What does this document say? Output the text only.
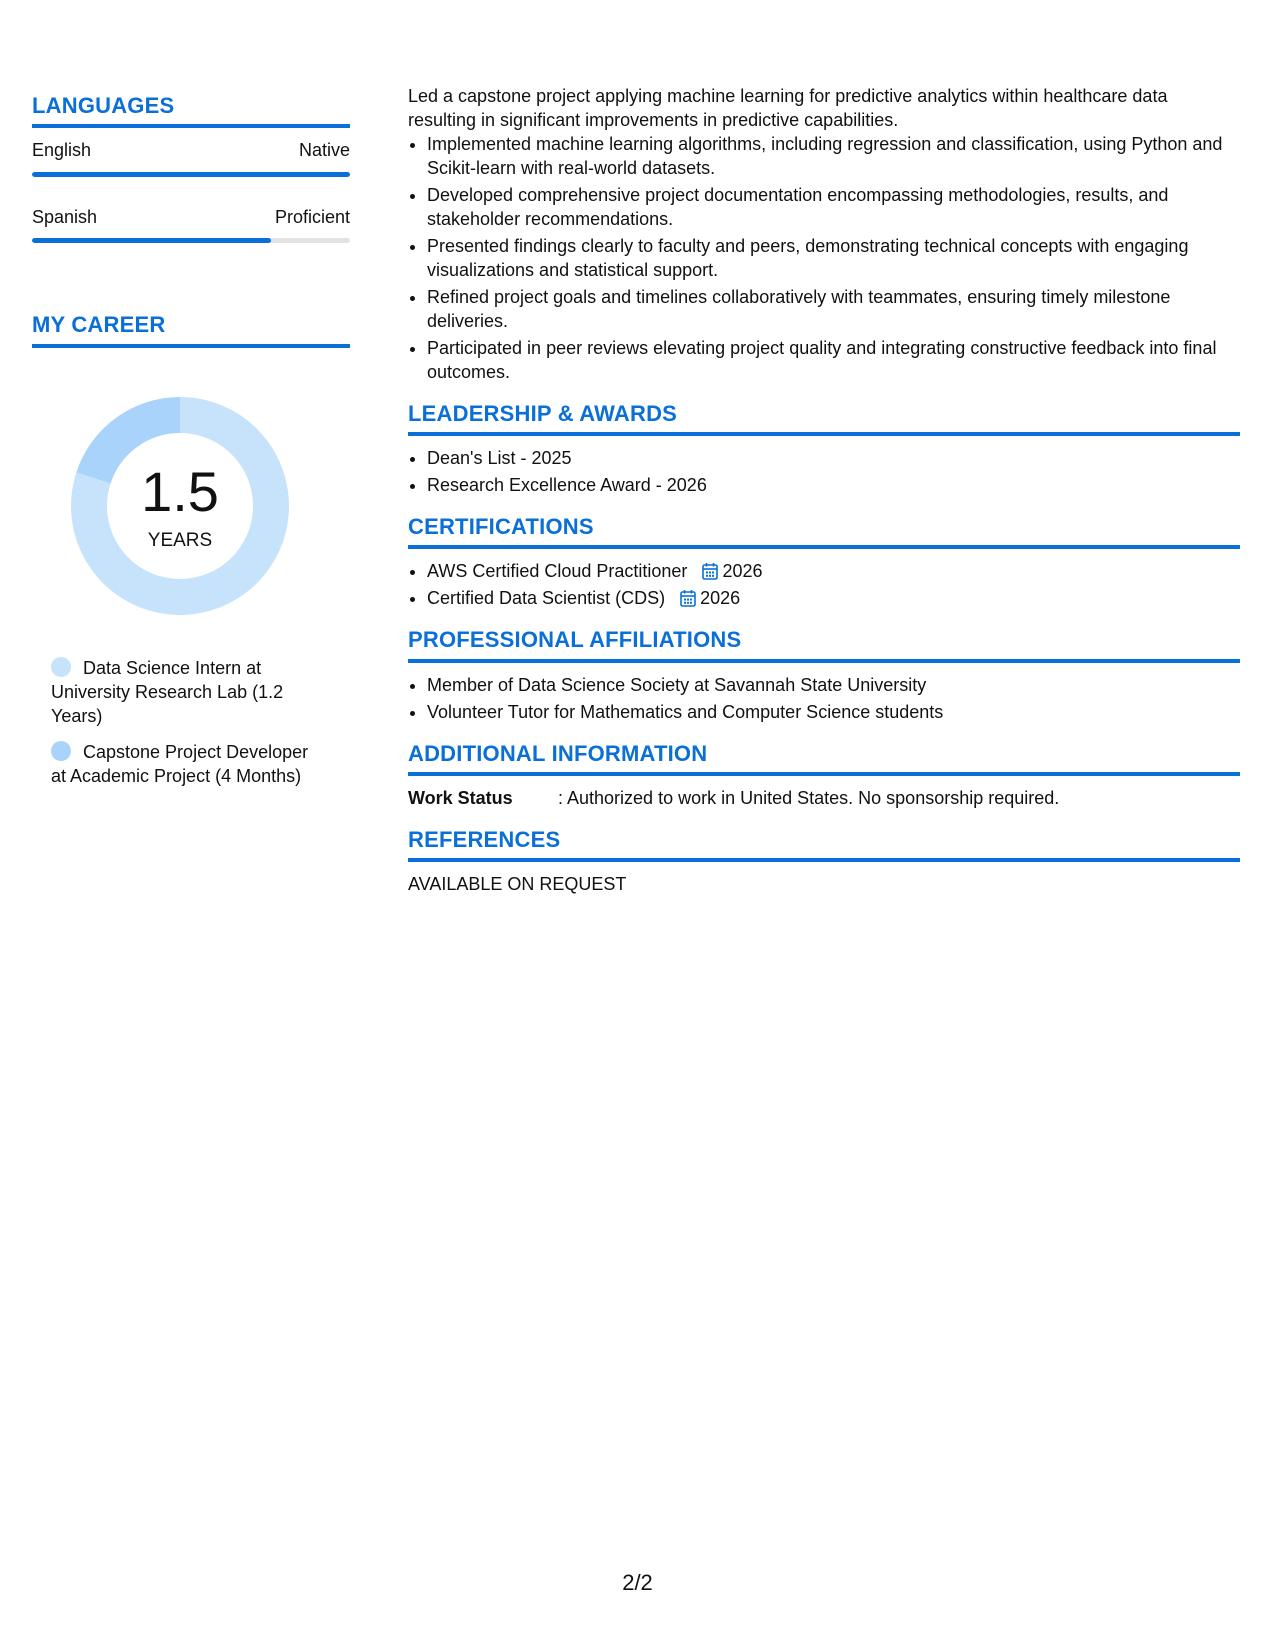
LANGUAGES
English	Native
Spanish	Proficient
MY CAREER
1.5
YEARS
Data Science Intern at University Research Lab (1.2 Years)
Capstone Project Developer at Academic Project (4 Months)

Led a capstone project applying machine learning for predictive analytics within healthcare data resulting in significant improvements in predictive capabilities.

• Implemented machine learning algorithms, including regression and classification, using Python and Scikit-learn with real-world datasets.
• Developed comprehensive project documentation encompassing methodologies, results, and stakeholder recommendations.
• Presented findings clearly to faculty and peers, demonstrating technical concepts with engaging visualizations and statistical support.
• Refined project goals and timelines collaboratively with teammates, ensuring timely milestone deliveries.
• Participated in peer reviews elevating project quality and integrating constructive feedback into final outcomes.
LEADERSHIP & AWARDS
• Dean's List - 2025
• Research Excellence Award - 2026
CERTIFICATIONS
• AWS Certified Cloud Practitioner 2026
• Certified Data Scientist (CDS) 2026
PROFESSIONAL AFFILIATIONS
• Member of Data Science Society at Savannah State University
• Volunteer Tutor for Mathematics and Computer Science students
ADDITIONAL INFORMATION
Work Status	: Authorized to work in United States. No sponsorship required.
REFERENCES

AVAILABLE ON REQUEST

2/2
